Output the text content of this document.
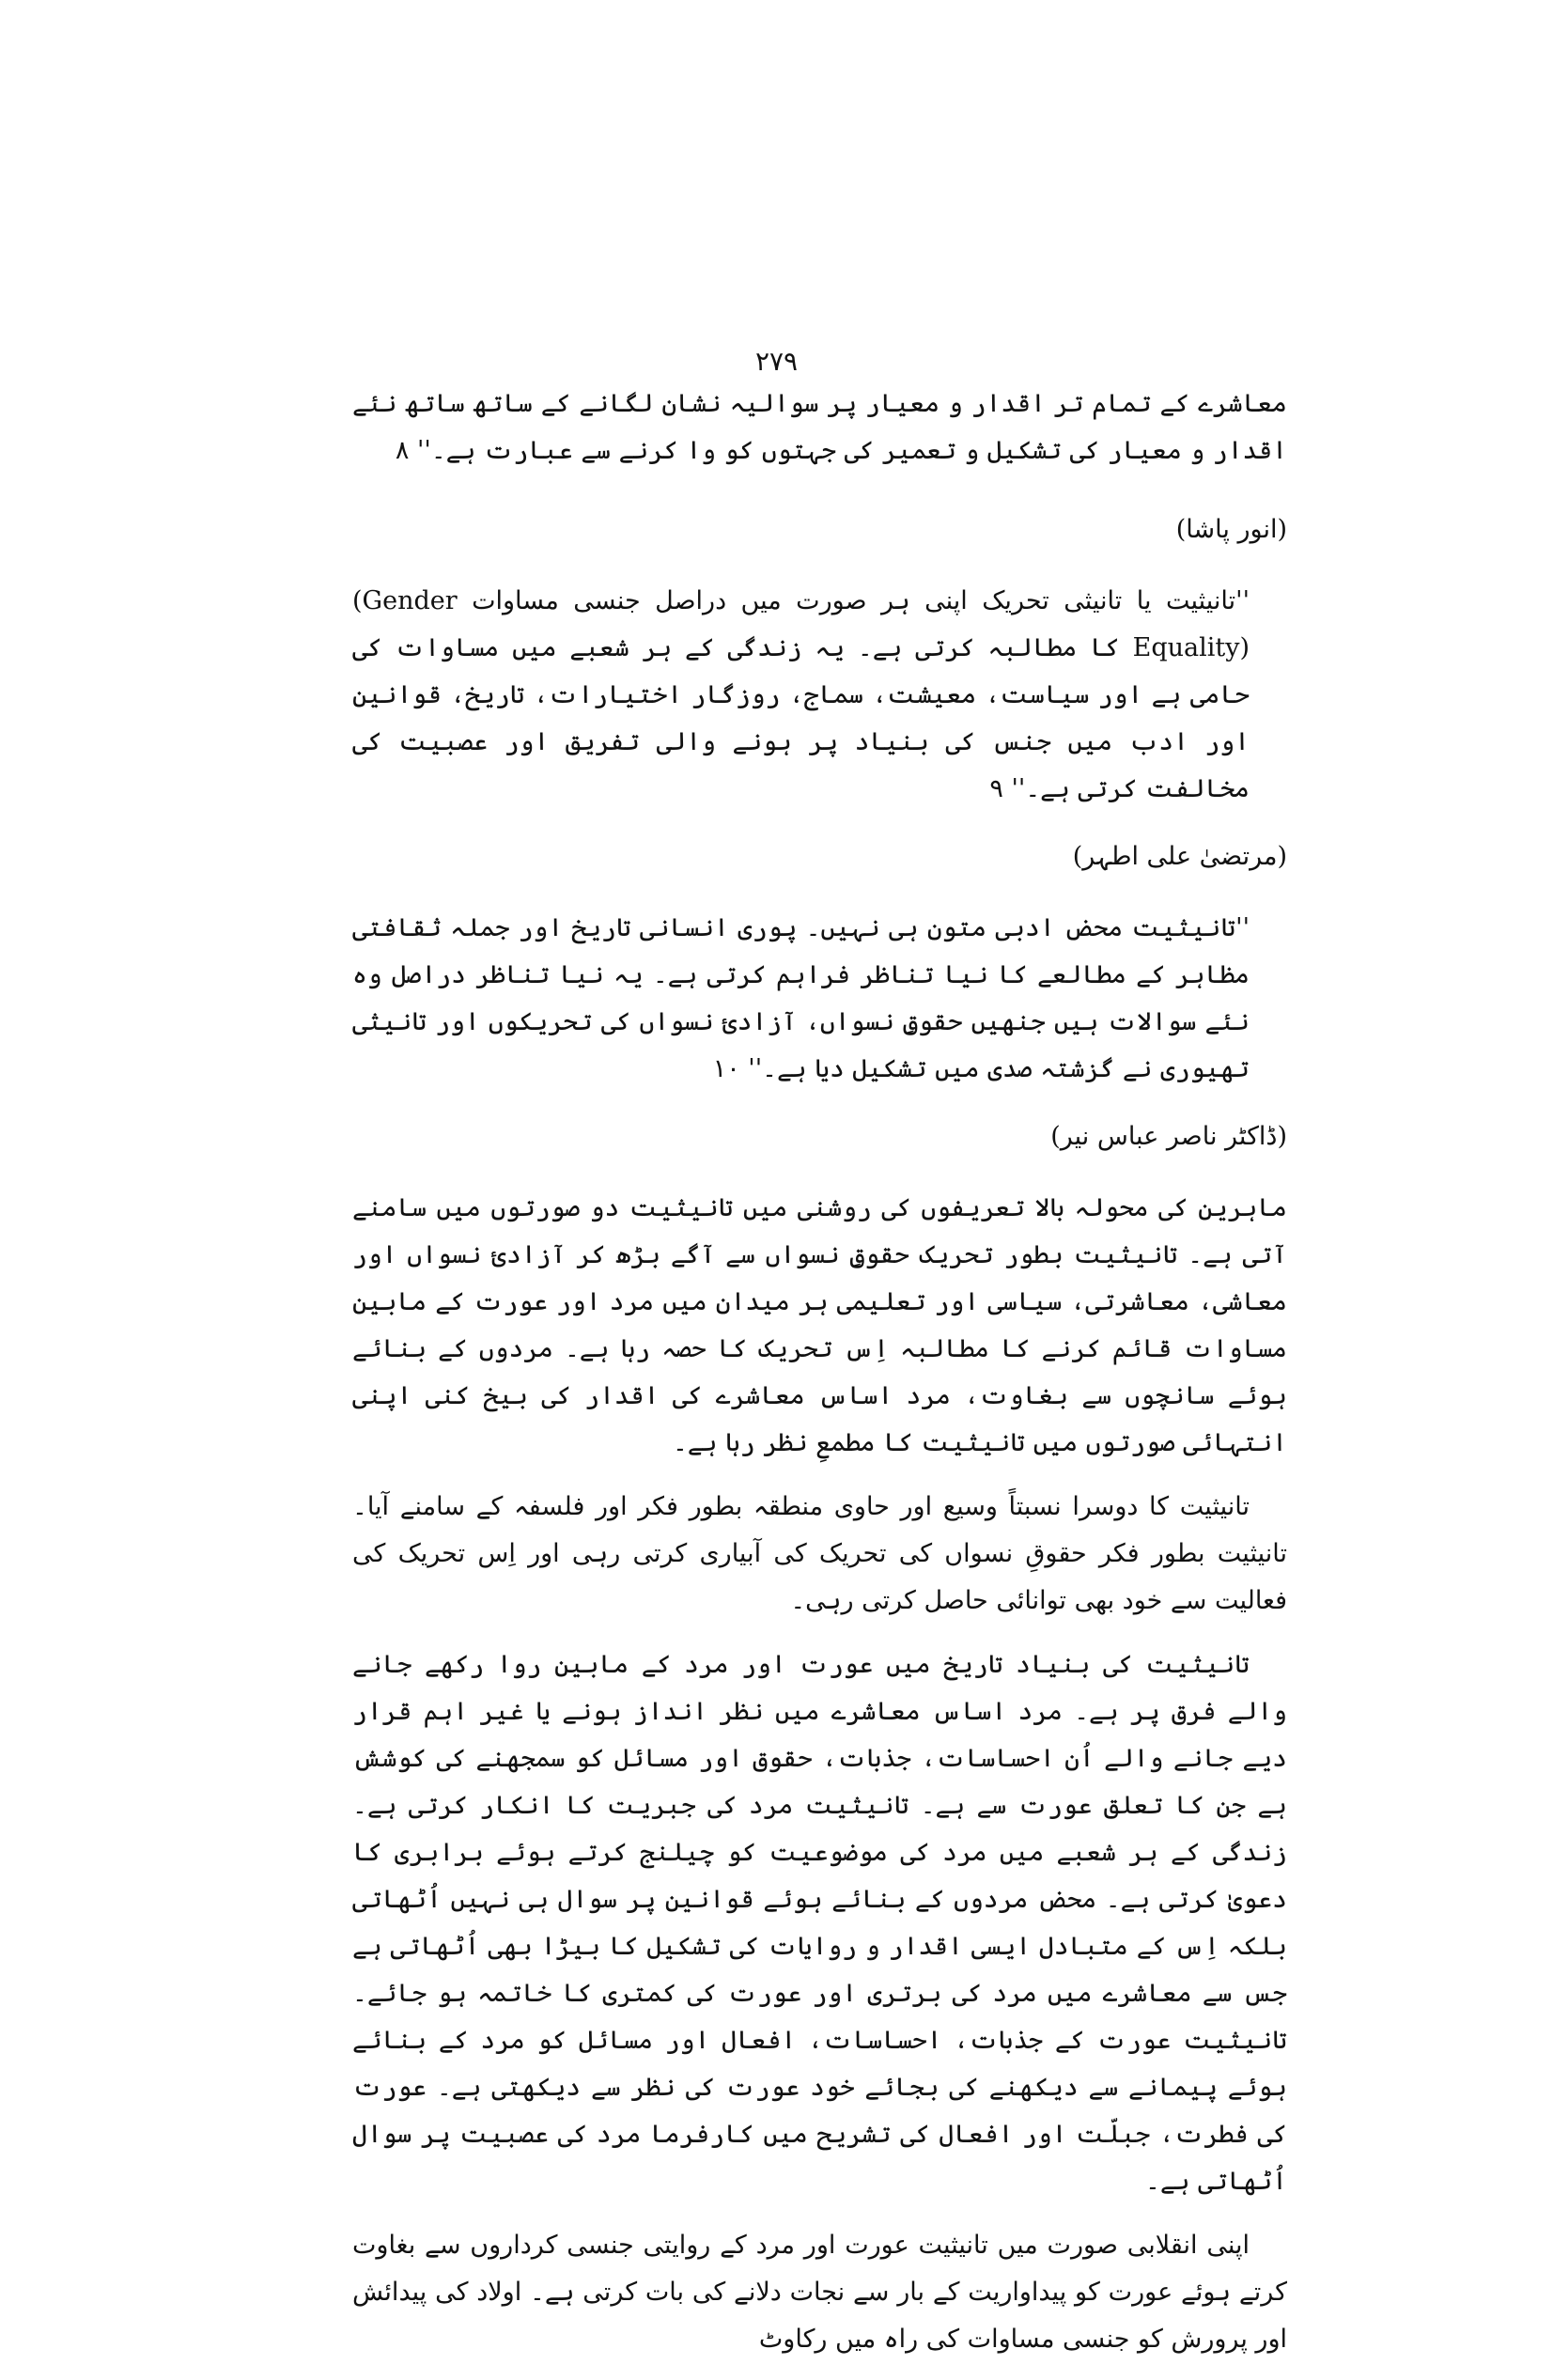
۲۷۹

معاشرے کے تمام تر اقدار و معیار پر سوالیہ نشان لگانے کے ساتھ ساتھ نئے اقدار و معیار کی تشکیل و تعمیر کی جہتوں کو وا کرنے سے عبارت ہے۔'' ۸

(انور پاشا)

''تانیثیت یا تانیثی تحریک اپنی ہر صورت میں دراصل جنسی مساوات (Gender Equality) کا مطالبہ کرتی ہے۔ یہ زندگی کے ہر شعبے میں مساوات کی حامی ہے اور سیاست، معیشت، سماج، روزگار اختیارات، تاریخ، قوانین اور ادب میں جنس کی بنیاد پر ہونے والی تفریق اور عصبیت کی مخالفت کرتی ہے۔'' ۹

(مرتضیٰ علی اطہر)

''تانیثیت محض ادبی متون ہی نہیں۔ پوری انسانی تاریخ اور جملہ ثقافتی مظاہر کے مطالعے کا نیا تناظر فراہم کرتی ہے۔ یہ نیا تناظر دراصل وہ نئے سوالات ہیں جنھیں حقوقِ نسواں، آزادیٔ نسواں کی تحریکوں اور تانیثی تھیوری نے گزشتہ صدی میں تشکیل دیا ہے۔'' ۱۰

(ڈاکٹر ناصر عباس نیر)

ماہرین کی محولہ بالا تعریفوں کی روشنی میں تانیثیت دو صورتوں میں سامنے آتی ہے۔ تانیثیت بطور تحریک حقوقِ نسواں سے آگے بڑھ کر آزادیٔ نسواں اور معاشی، معاشرتی، سیاسی اور تعلیمی ہر میدان میں مرد اور عورت کے مابین مساوات قائم کرنے کا مطالبہ اِس تحریک کا حصہ رہا ہے۔ مردوں کے بنائے ہوئے سانچوں سے بغاوت، مرد اساس معاشرے کی اقدار کی بیخ کنی اپنی انتہائی صورتوں میں تانیثیت کا مطمعِ نظر رہا ہے۔

تانیثیت کا دوسرا نسبتاً وسیع اور حاوی منطقہ بطور فکر اور فلسفہ کے سامنے آیا۔ تانیثیت بطور فکر حقوقِ نسواں کی تحریک کی آبیاری کرتی رہی اور اِس تحریک کی فعالیت سے خود بھی توانائی حاصل کرتی رہی۔

تانیثیت کی بنیاد تاریخ میں عورت اور مرد کے مابین روا رکھے جانے والے فرق پر ہے۔ مرد اساس معاشرے میں نظر انداز ہونے یا غیر اہم قرار دیے جانے والے اُن احساسات، جذبات، حقوق اور مسائل کو سمجھنے کی کوشش ہے جن کا تعلق عورت سے ہے۔ تانیثیت مرد کی جبریت کا انکار کرتی ہے۔ زندگی کے ہر شعبے میں مرد کی موضوعیت کو چیلنج کرتے ہوئے برابری کا دعویٰ کرتی ہے۔ محض مردوں کے بنائے ہوئے قوانین پر سوال ہی نہیں اُٹھاتی بلکہ اِس کے متبادل ایسی اقدار و روایات کی تشکیل کا بیڑا بھی اُٹھاتی ہے جس سے معاشرے میں مرد کی برتری اور عورت کی کمتری کا خاتمہ ہو جائے۔ تانیثیت عورت کے جذبات، احساسات، افعال اور مسائل کو مرد کے بنائے ہوئے پیمانے سے دیکھنے کی بجائے خود عورت کی نظر سے دیکھتی ہے۔ عورت کی فطرت، جبلّت اور افعال کی تشریح میں کارفرما مرد کی عصبیت پر سوال اُٹھاتی ہے۔

اپنی انقلابی صورت میں تانیثیت عورت اور مرد کے روایتی جنسی کرداروں سے بغاوت کرتے ہوئے عورت کو پیداواریت کے بار سے نجات دلانے کی بات کرتی ہے۔ اولاد کی پیدائش اور پرورش کو جنسی مساوات کی راہ میں رکاوٹ
